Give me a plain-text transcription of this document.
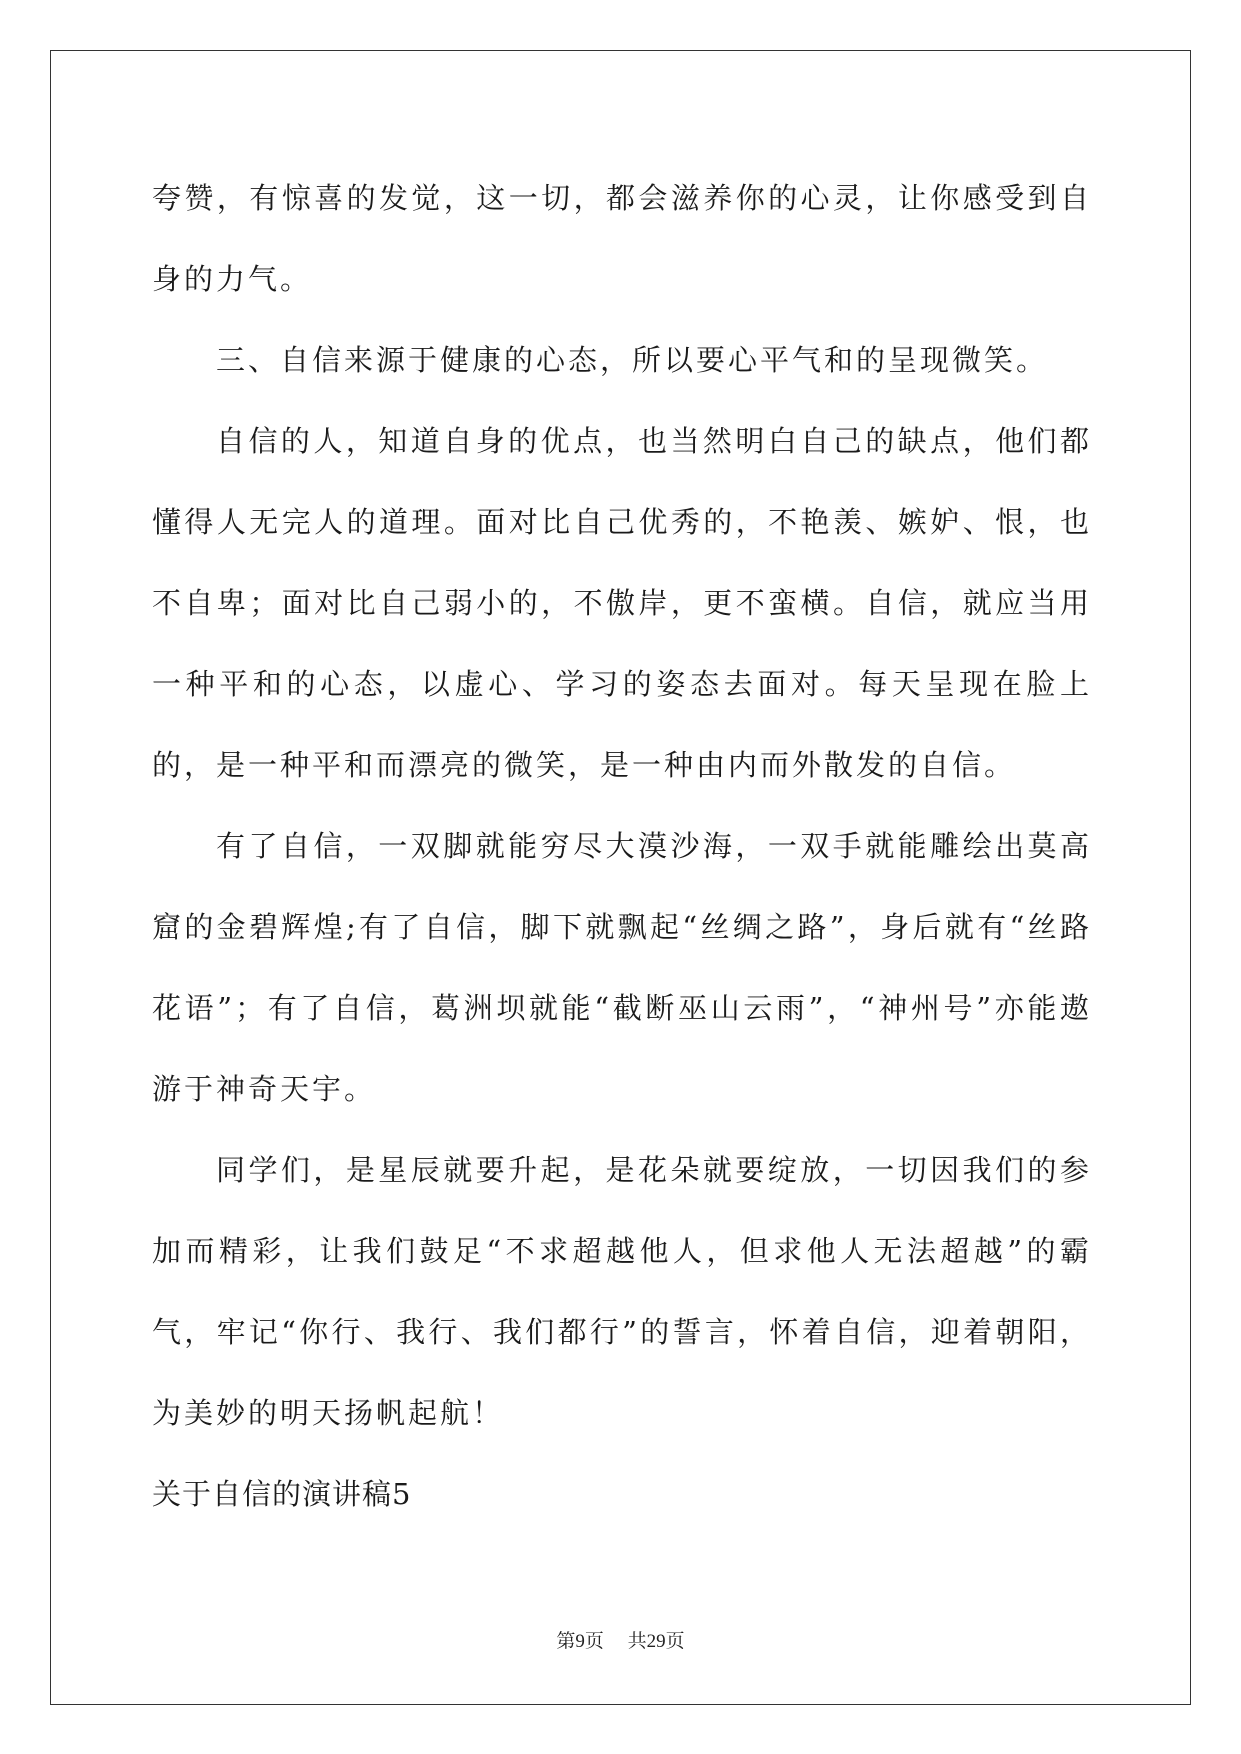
夸赞，有惊喜的发觉，这一切，都会滋养你的心灵，让你感受到自身的力气。

三、自信来源于健康的心态，所以要心平气和的呈现微笑。

自信的人，知道自身的优点，也当然明白自己的缺点，他们都懂得人无完人的道理。面对比自己优秀的，不艳羡、嫉妒、恨，也不自卑；面对比自己弱小的，不傲岸，更不蛮横。自信，就应当用一种平和的心态，以虚心、学习的姿态去面对。每天呈现在脸上的，是一种平和而漂亮的微笑，是一种由内而外散发的自信。

有了自信，一双脚就能穷尽大漠沙海，一双手就能雕绘出莫高窟的金碧辉煌;有了自信，脚下就飘起“丝绸之路”，身后就有“丝路花语”；有了自信，葛洲坝就能“截断巫山云雨”，“神州号”亦能遨游于神奇天宇。

同学们，是星辰就要升起，是花朵就要绽放，一切因我们的参加而精彩，让我们鼓足“不求超越他人，但求他人无法超越”的霸气，牢记“你行、我行、我们都行”的誓言，怀着自信，迎着朝阳，为美妙的明天扬帆起航！

关于自信的演讲稿5

第9页 共29页
